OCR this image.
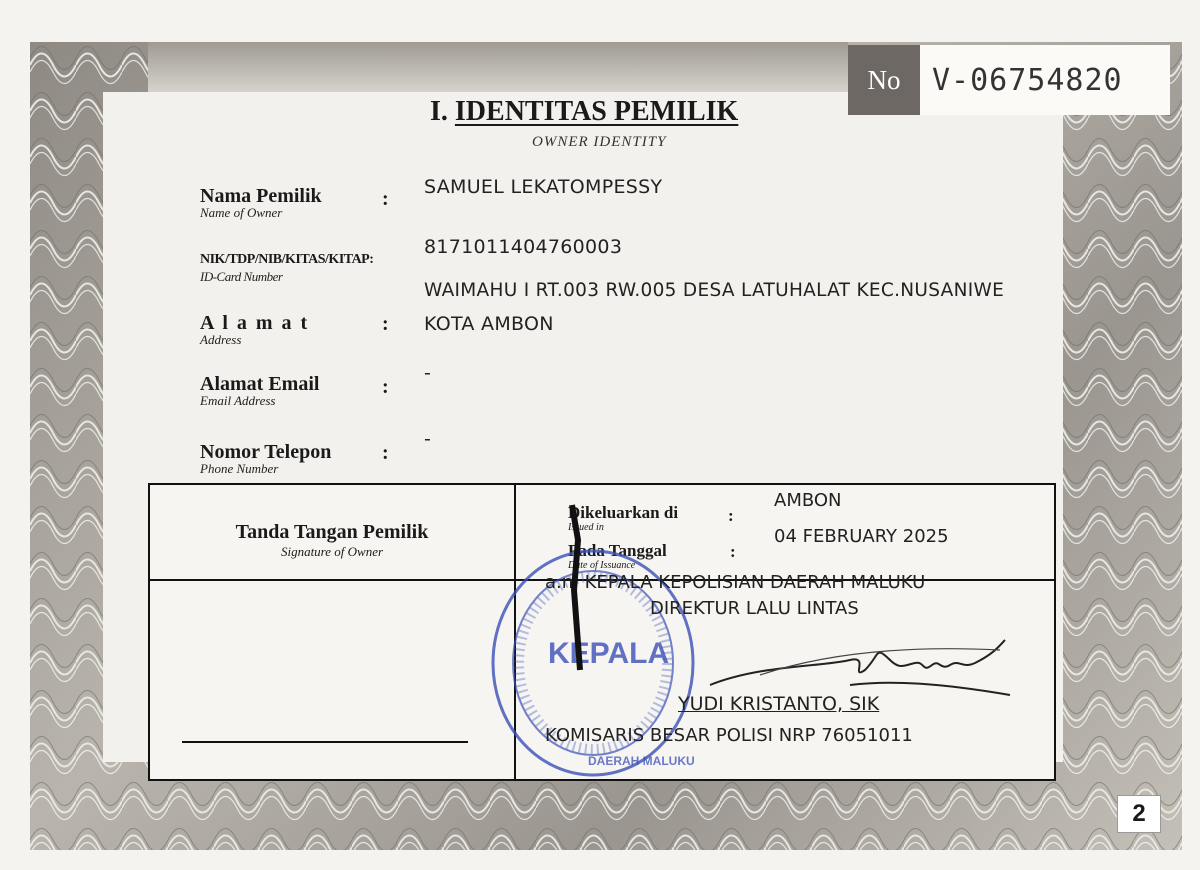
No	V-06754820
I. IDENTITAS PEMILIK
OWNER IDENTITY
Nama Pemilik
Name of Owner
:
SAMUEL LEKATOMPESSY
NIK/TDP/NIB/KITAS/KITAP:
ID-Card Number
8171011404760003
WAIMAHU I RT.003 RW.005 DESA LATUHALAT KEC.NUSANIWE
A l a m a t
Address
: KOTA AMBON
Alamat Email
Email Address
:
-
Nomor Telepon
Phone Number
:
-
Tanda Tangan Pemilik
Signature of Owner
Dikeluarkan di
Issued in
:
AMBON
Pada Tanggal
Date of Issuance
:
04 FEBRUARY 2025
KEPALA
DAERAH MALUKU
a.n. KEPALA KEPOLISIAN DAERAH MALUKU
DIREKTUR LALU LINTAS
YUDI KRISTANTO, SIK
KOMISARIS BESAR POLISI NRP 76051011
2
